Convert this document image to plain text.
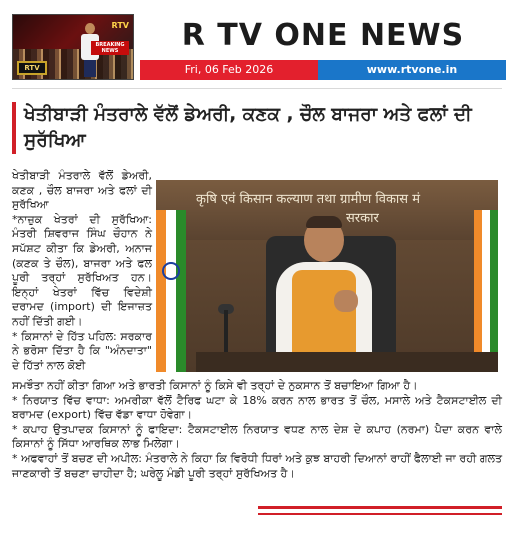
RTV
BREAKING NEWS
RTV
R TV ONE NEWS
Fri, 06 Feb 2026	www.rtvone.in
ਖੇਤੀਬਾੜੀ ਮੰਤਰਾਲੇ ਵੱਲੋਂ ਡੇਅਰੀ, ਕਣਕ , ਚੌਲ ਬਾਜਰਾ ਅਤੇ ਫਲਾਂ ਦੀ ਸੁਰੱਖਿਆ

ਖੇਤੀਬਾੜੀ ਮੰਤਰਾਲੇ ਵੱਲੋਂ ਡੇਅਰੀ, ਕਣਕ , ਚੌਲ ਬਾਜਰਾ ਅਤੇ ਫਲਾਂ ਦੀ ਸੁਰੱਖਿਆ

*ਨਾਜ਼ੁਕ ਖੇਤਰਾਂ ਦੀ ਸੁਰੱਖਿਆ: ਮੰਤਰੀ ਸ਼ਿਵਰਾਜ ਸਿੰਘ ਚੌਹਾਨ ਨੇ ਸਪੱਸ਼ਟ ਕੀਤਾ ਕਿ ਡੇਅਰੀ, ਅਨਾਜ (ਕਣਕ ਤੇ ਚੌਲ), ਬਾਜਰਾ ਅਤੇ ਫਲ ਪੂਰੀ ਤਰ੍ਹਾਂ ਸੁਰੱਖਿਅਤ ਹਨ। ਇਨ੍ਹਾਂ ਖੇਤਰਾਂ ਵਿੱਚ ਵਿਦੇਸ਼ੀ ਦਰਾਮਦ (import) ਦੀ ਇਜਾਜ਼ਤ ਨਹੀਂ ਦਿੱਤੀ ਗਈ।

* ਕਿਸਾਨਾਂ ਦੇ ਹਿੱਤ ਪਹਿਲ: ਸਰਕਾਰ ਨੇ ਭਰੋਸਾ ਦਿੱਤਾ ਹੈ ਕਿ "ਅੰਨਦਾਤਾ" ਦੇ ਹਿੱਤਾਂ ਨਾਲ ਕੋਈ

कृषि एवं किसान कल्याण तथा ग्रामीण विकास मं
सरकार

ਸਮਝੌਤਾ ਨਹੀਂ ਕੀਤਾ ਗਿਆ ਅਤੇ ਭਾਰਤੀ ਕਿਸਾਨਾਂ ਨੂੰ ਕਿਸੇ ਵੀ ਤਰ੍ਹਾਂ ਦੇ ਨੁਕਸਾਨ ਤੋਂ ਬਚਾਇਆ ਗਿਆ ਹੈ।

* ਨਿਰਯਾਤ ਵਿੱਚ ਵਾਧਾ: ਅਮਰੀਕਾ ਵੱਲੋਂ ਟੈਰਿਫ ਘਟਾ ਕੇ 18% ਕਰਨ ਨਾਲ ਭਾਰਤ ਤੋਂ ਚੌਲ, ਮਸਾਲੇ ਅਤੇ ਟੈਕਸਟਾਈਲ ਦੀ ਬਰਾਮਦ (export) ਵਿੱਚ ਵੱਡਾ ਵਾਧਾ ਹੋਵੇਗਾ।

* ਕਪਾਹ ਉਤਪਾਦਕ ਕਿਸਾਨਾਂ ਨੂੰ ਫਾਇਦਾ: ਟੈਕਸਟਾਈਲ ਨਿਰਯਾਤ ਵਧਣ ਨਾਲ ਦੇਸ਼ ਦੇ ਕਪਾਹ (ਨਰਮਾ) ਪੈਦਾ ਕਰਨ ਵਾਲੇ ਕਿਸਾਨਾਂ ਨੂੰ ਸਿੱਧਾ ਆਰਥਿਕ ਲਾਭ ਮਿਲੇਗਾ।

* ਅਫਵਾਹਾਂ ਤੋਂ ਬਚਣ ਦੀ ਅਪੀਲ: ਮੰਤਰਾਲੇ ਨੇ ਕਿਹਾ ਕਿ ਵਿਰੋਧੀ ਧਿਰਾਂ ਅਤੇ ਕੁਝ ਬਾਹਰੀ ਦਿਆਨਾਂ ਰਾਹੀਂ ਫੈਲਾਈ ਜਾ ਰਹੀ ਗਲਤ ਜਾਣਕਾਰੀ ਤੋਂ ਬਚਣਾ ਚਾਹੀਦਾ ਹੈ; ਘਰੇਲੂ ਮੰਡੀ ਪੂਰੀ ਤਰ੍ਹਾਂ ਸੁਰੱਖਿਅਤ ਹੈ।
